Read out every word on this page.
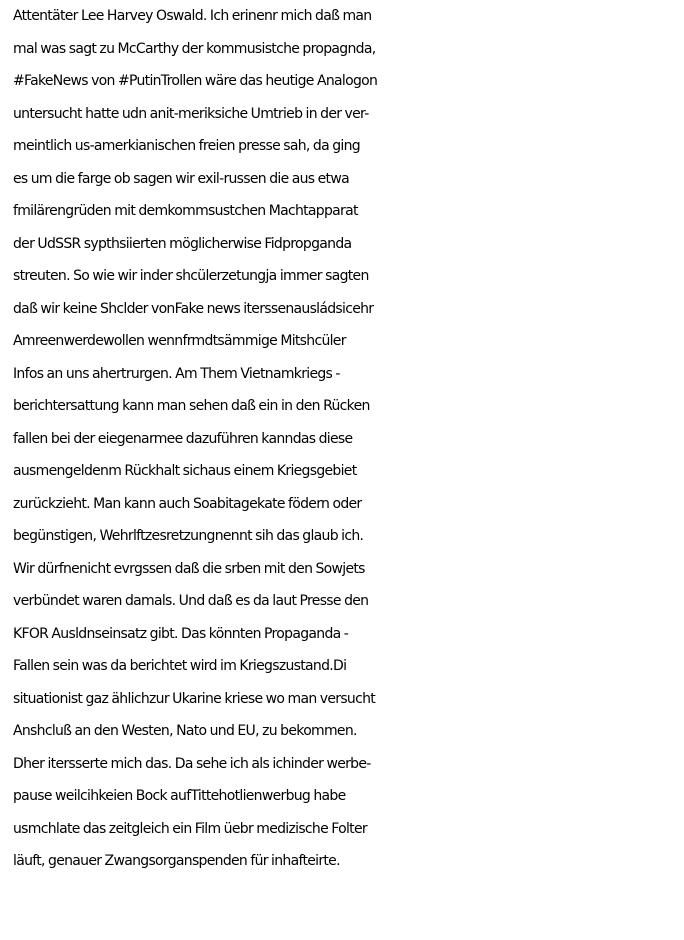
Attentäter Lee Harvey Oswald. Ich erinenr mich daß man
mal was sagt zu McCarthy der kommusistche propagnda,
#FakeNews von #PutinTrollen wäre das heutige Analogon
untersucht hatte udn anit-meriksiche Umtrieb in der ver-
meintlich us-amerkianischen freien presse sah, da ging
es um die farge ob sagen wir exil-russen die aus etwa
fmilärengrüden mit demkommsustchen Machtapparat
der UdSSR sypthsiierten möglicherwise Fidpropganda
streuten. So wie wir inder shcülerzetungja immer sagten
daß wir keine Shclder vonFake news iterssenausládsicehr
Amreenwerdewollen wennfrmdtsämmige Mitshcüler
Infos an uns ahertrurgen. Am Them Vietnamkriegs -
berichtersattung kann man sehen daß ein in den Rücken
fallen bei der eiegenarmee dazuführen kanndas diese
ausmengeldenm Rückhalt sichaus einem Kriegsgebiet
zurückzieht. Man kann auch Soabitagekate födern oder
begünstigen, Wehrlftzesretzungnennt sih das glaub ich.
Wir dürfnenicht evrgssen daß die srben mit den Sowjets
verbündet waren damals. Und daß es da laut Presse den
KFOR Ausldnseinsatz gibt. Das könnten Propaganda -
Fallen sein was da berichtet wird im Kriegszustand.Di
situationist gaz ählichzur Ukarine kriese wo man versucht
Anshcluß an den Westen, Nato und EU, zu bekommen.
Dher itersserte mich das. Da sehe ich als ichinder werbe-
pause weilcihkeien Bock aufTittehotlienwerbug habe
usmchlate das zeitgleich ein Film üebr medizische Folter
läuft, genauer Zwangsorganspenden für inhafteirte.
